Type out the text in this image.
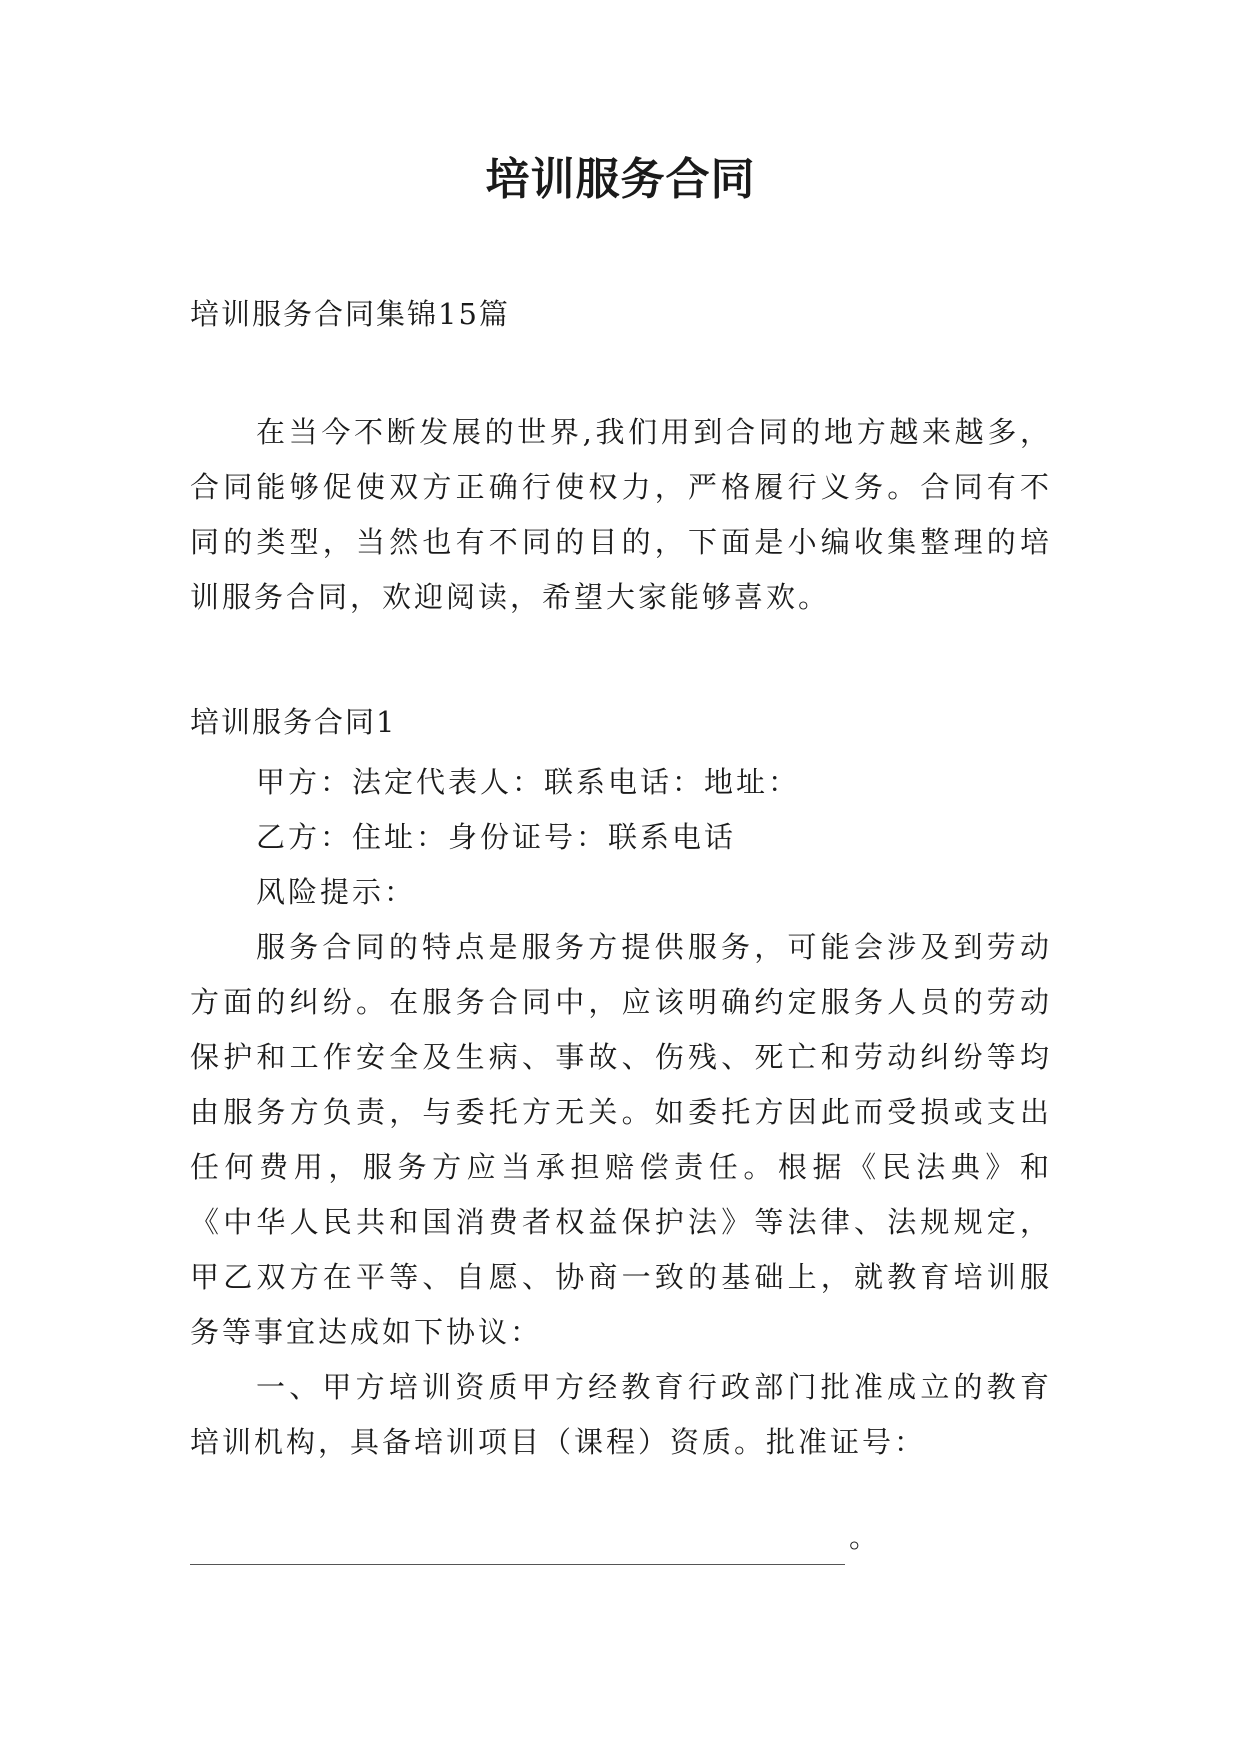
培训服务合同

培训服务合同集锦15篇

在当今不断发展的世界,我们用到合同的地方越来越多，合同能够促使双方正确行使权力，严格履行义务。合同有不同的类型，当然也有不同的目的，下面是小编收集整理的培训服务合同，欢迎阅读，希望大家能够喜欢。

培训服务合同1

甲方：法定代表人：联系电话：地址：

乙方：住址：身份证号：联系电话

风险提示：

服务合同的特点是服务方提供服务，可能会涉及到劳动方面的纠纷。在服务合同中，应该明确约定服务人员的劳动保护和工作安全及生病、事故、伤残、死亡和劳动纠纷等均由服务方负责，与委托方无关。如委托方因此而受损或支出任何费用，服务方应当承担赔偿责任。根据《民法典》和《中华人民共和国消费者权益保护法》等法律、法规规定，甲乙双方在平等、自愿、协商一致的基础上，就教育培训服务等事宜达成如下协议：

一、甲方培训资质甲方经教育行政部门批准成立的教育培训机构，具备培训项目（课程）资质。批准证号：

。
